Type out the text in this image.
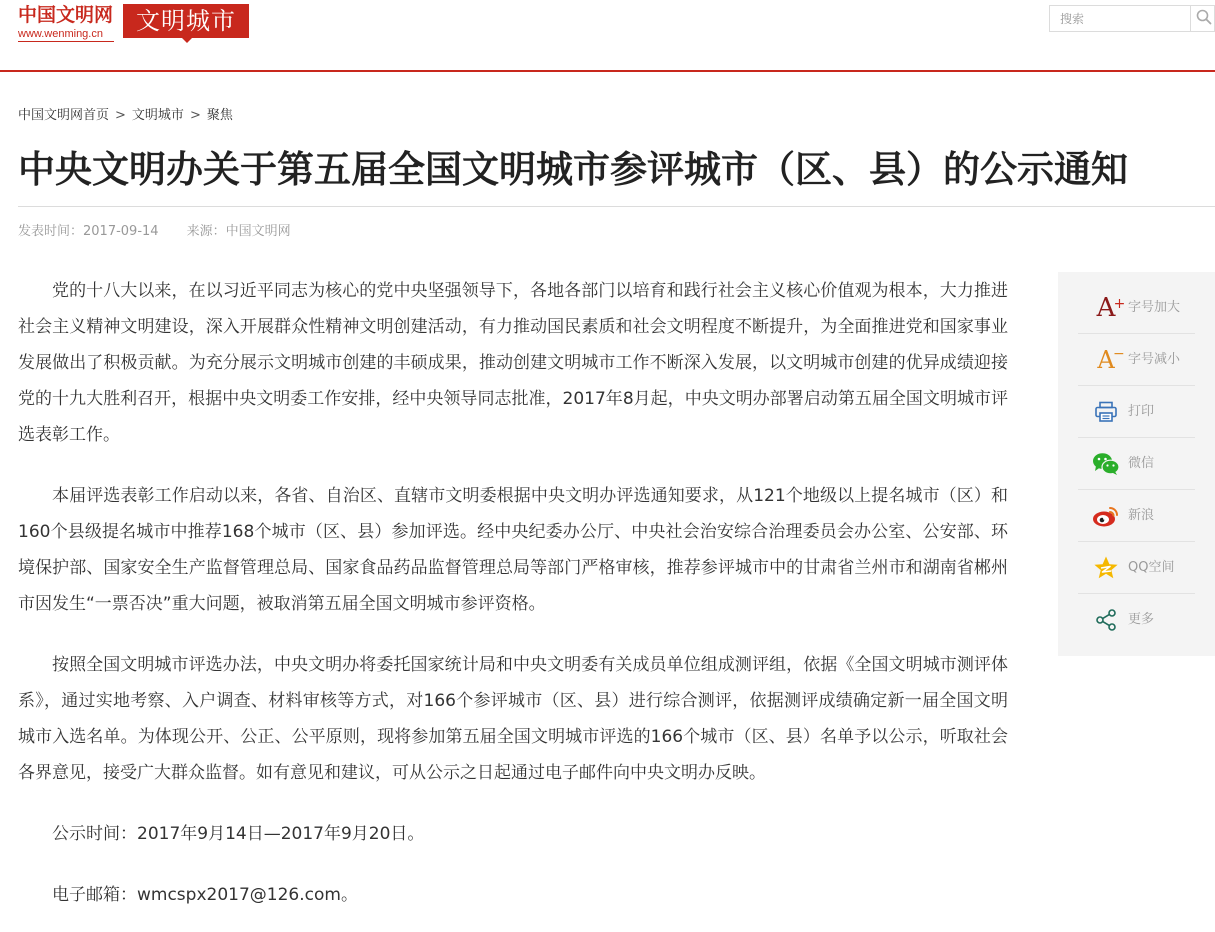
中国文明网
www.wenming.cn	文明城市
搜索
中国文明网首页 > 文明城市 > 聚焦
中央文明办关于第五届全国文明城市参评城市（区、县）的公示通知
发表时间：2017-09-14 来源：中国文明网

党的十八大以来，在以习近平同志为核心的党中央坚强领导下，各地各部门以培育和践行社会主义核心价值观为根本，大力推进社会主义精神文明建设，深入开展群众性精神文明创建活动，有力推动国民素质和社会文明程度不断提升，为全面推进党和国家事业发展做出了积极贡献。为充分展示文明城市创建的丰硕成果，推动创建文明城市工作不断深入发展，以文明城市创建的优异成绩迎接党的十九大胜利召开，根据中央文明委工作安排，经中央领导同志批准，2017年8月起，中央文明办部署启动第五届全国文明城市评选表彰工作。

本届评选表彰工作启动以来，各省、自治区、直辖市文明委根据中央文明办评选通知要求，从121个地级以上提名城市（区）和160个县级提名城市中推荐168个城市（区、县）参加评选。经中央纪委办公厅、中央社会治安综合治理委员会办公室、公安部、环境保护部、国家安全生产监督管理总局、国家食品药品监督管理总局等部门严格审核，推荐参评城市中的甘肃省兰州市和湖南省郴州市因发生“一票否决”重大问题，被取消第五届全国文明城市参评资格。

按照全国文明城市评选办法，中央文明办将委托国家统计局和中央文明委有关成员单位组成测评组，依据《全国文明城市测评体系》，通过实地考察、入户调查、材料审核等方式，对166个参评城市（区、县）进行综合测评，依据测评成绩确定新一届全国文明城市入选名单。为体现公开、公正、公平原则，现将参加第五届全国文明城市评选的166个城市（区、县）名单予以公示，听取社会各界意见，接受广大群众监督。如有意见和建议，可从公示之日起通过电子邮件向中央文明办反映。

公示时间：2017年9月14日—2017年9月20日。

电子邮箱：wmcspx2017@126.com。

A
+ 字号加大
A
− 字号减小
打印
微信
新浪
QQ空间
更多
